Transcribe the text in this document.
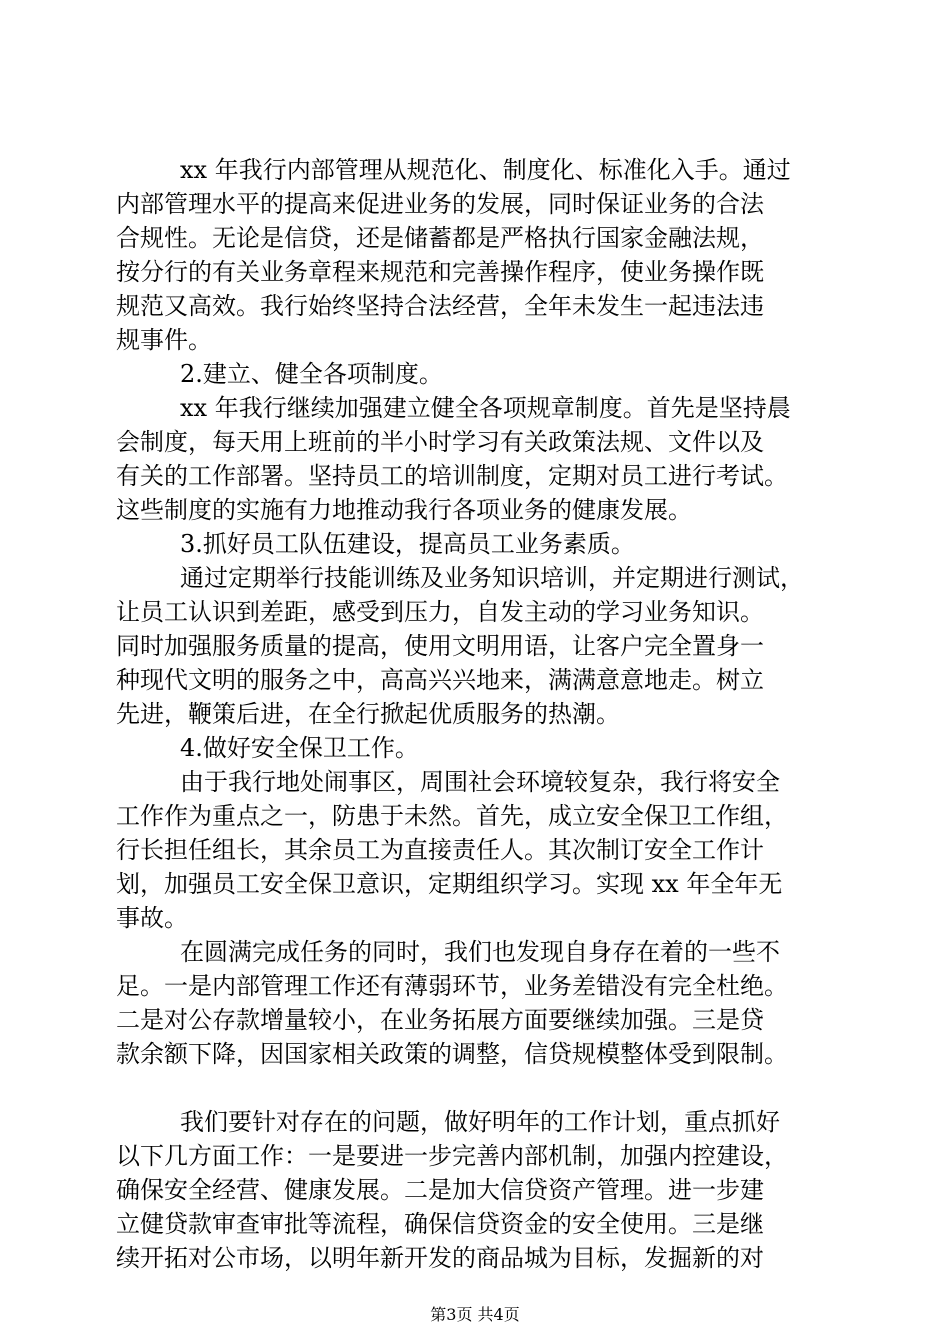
xx 年我行内部管理从规范化、制度化、标准化入手。通过
内部管理水平的提高来促进业务的发展，同时保证业务的合法
合规性。无论是信贷，还是储蓄都是严格执行国家金融法规，
按分行的有关业务章程来规范和完善操作程序，使业务操作既
规范又高效。我行始终坚持合法经营，全年未发生一起违法违
规事件。
2.建立、健全各项制度。
xx 年我行继续加强建立健全各项规章制度。首先是坚持晨
会制度，每天用上班前的半小时学习有关政策法规、文件以及
有关的工作部署。坚持员工的培训制度，定期对员工进行考试。
这些制度的实施有力地推动我行各项业务的健康发展。
3.抓好员工队伍建设，提高员工业务素质。
通过定期举行技能训练及业务知识培训，并定期进行测试，
让员工认识到差距，感受到压力，自发主动的学习业务知识。
同时加强服务质量的提高，使用文明用语，让客户完全置身一
种现代文明的服务之中，高高兴兴地来，满满意意地走。树立
先进，鞭策后进，在全行掀起优质服务的热潮。
4.做好安全保卫工作。
由于我行地处闹事区，周围社会环境较复杂，我行将安全
工作作为重点之一，防患于未然。首先，成立安全保卫工作组，
行长担任组长，其余员工为直接责任人。其次制订安全工作计
划，加强员工安全保卫意识，定期组织学习。实现 xx 年全年无
事故。
在圆满完成任务的同时，我们也发现自身存在着的一些不
足。一是内部管理工作还有薄弱环节，业务差错没有完全杜绝。
二是对公存款增量较小，在业务拓展方面要继续加强。三是贷
款余额下降，因国家相关政策的调整，信贷规模整体受到限制。
我们要针对存在的问题，做好明年的工作计划，重点抓好
以下几方面工作：一是要进一步完善内部机制，加强内控建设，
确保安全经营、健康发展。二是加大信贷资产管理。进一步建
立健贷款审查审批等流程，确保信贷资金的安全使用。三是继
续开拓对公市场，以明年新开发的商品城为目标，发掘新的对
第3页 共4页
